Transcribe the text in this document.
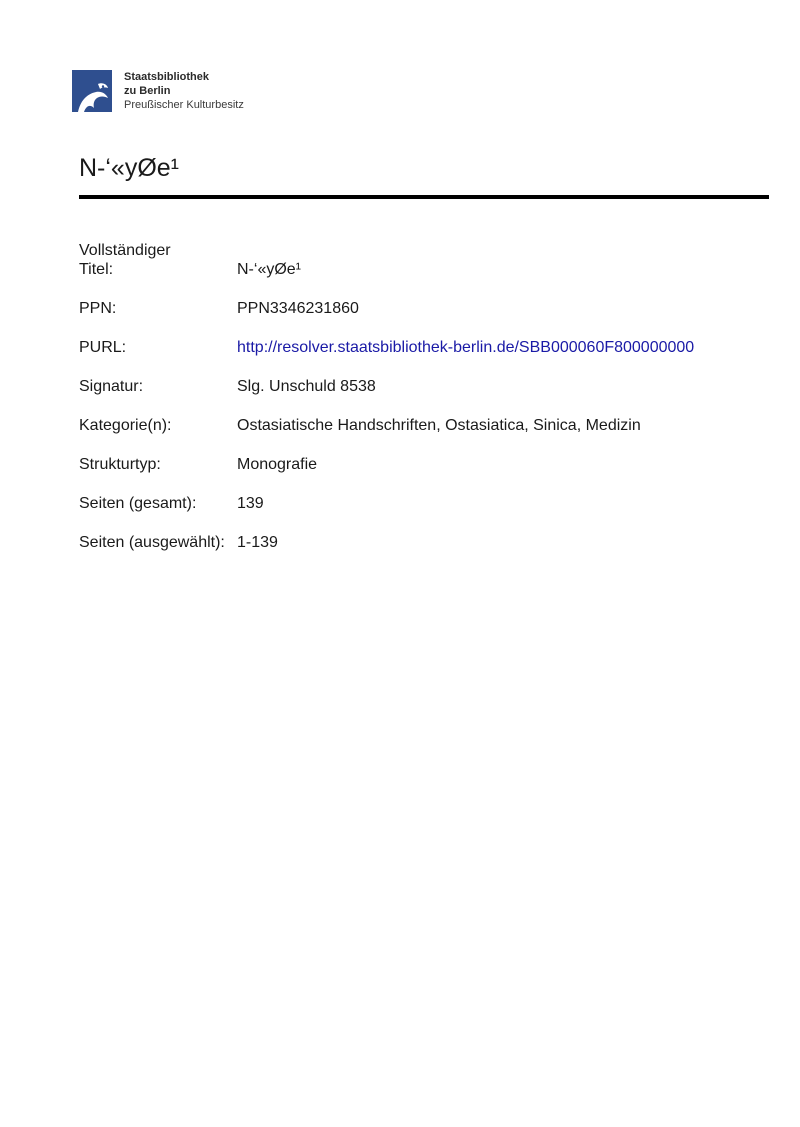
Staatsbibliothek
zu Berlin
Preußischer Kulturbesitz
N-‘«yØe¹
Vollständiger
Titel:	N-‘«yØe¹
PPN:	PPN3346231860
PURL:	http://resolver.staatsbibliothek-berlin.de/SBB000060F800000000
Signatur:	Slg. Unschuld 8538
Kategorie(n):	Ostasiatische Handschriften, Ostasiatica, Sinica, Medizin
Strukturtyp:	Monografie
Seiten (gesamt):	139
Seiten (ausgewählt): 1-139
